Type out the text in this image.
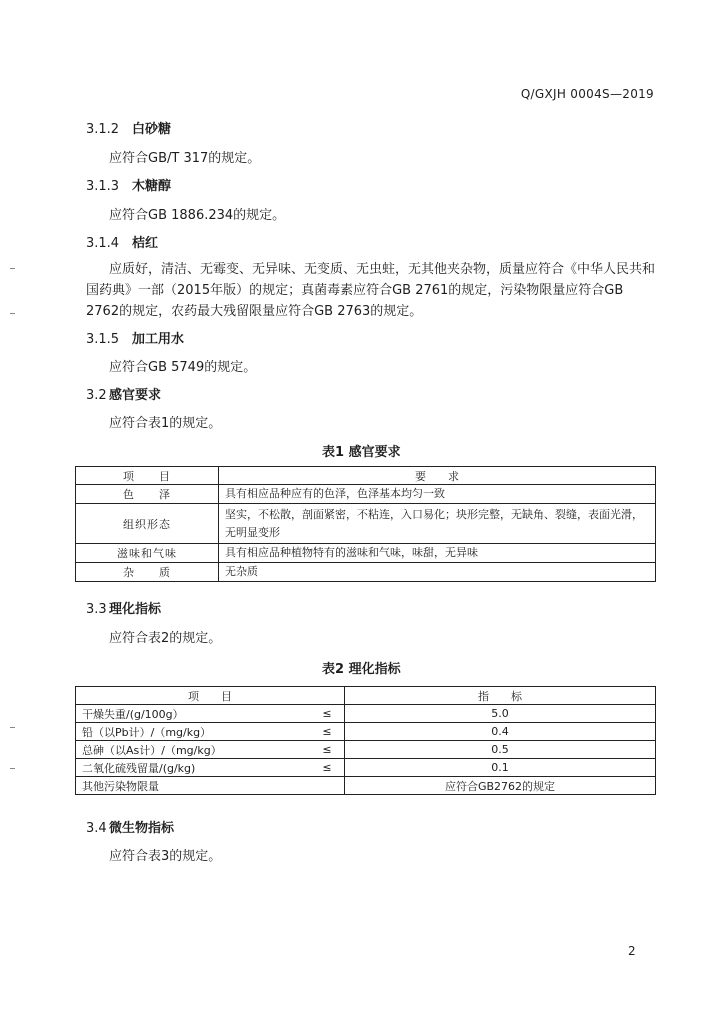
Q/GXJH 0004S—2019
3.1.2 白砂糖
应符合GB/T 317的规定。
3.1.3 木糖醇
应符合GB 1886.234的规定。
3.1.4 桔红
应质好，清洁、无霉变、无异味、无变质、无虫蛀，无其他夹杂物，质量应符合《中华人民共和国药典》一部（2015年版）的规定；真菌毒素应符合GB 2761的规定，污染物限量应符合GB 2762的规定，农药最大残留限量应符合GB 2763的规定。
3.1.5 加工用水
应符合GB 5749的规定。
3.2 感官要求
应符合表1的规定。
表1 感官要求
项　　目	要　　求
色　　泽	具有相应品种应有的色泽，色泽基本均匀一致
组织形态	坚实，不松散，剖面紧密，不粘连，入口易化；块形完整，无缺角、裂缝，表面光滑，无明显变形
滋味和气味	具有相应品种植物特有的滋味和气味，味甜，无异味
杂　　质	无杂质
3.3 理化指标
应符合表2的规定。
表2 理化指标
项　　目		指　　标
干燥失重/(g/100g）	≤	5.0
铅（以Pb计）/（mg/kg）	≤	0.4
总砷（以As计）/（mg/kg）	≤	0.5
二氧化硫残留量/(g/kg)	≤	0.1
其他污染物限量		应符合GB2762的规定
3.4 微生物指标
应符合表3的规定。
2
